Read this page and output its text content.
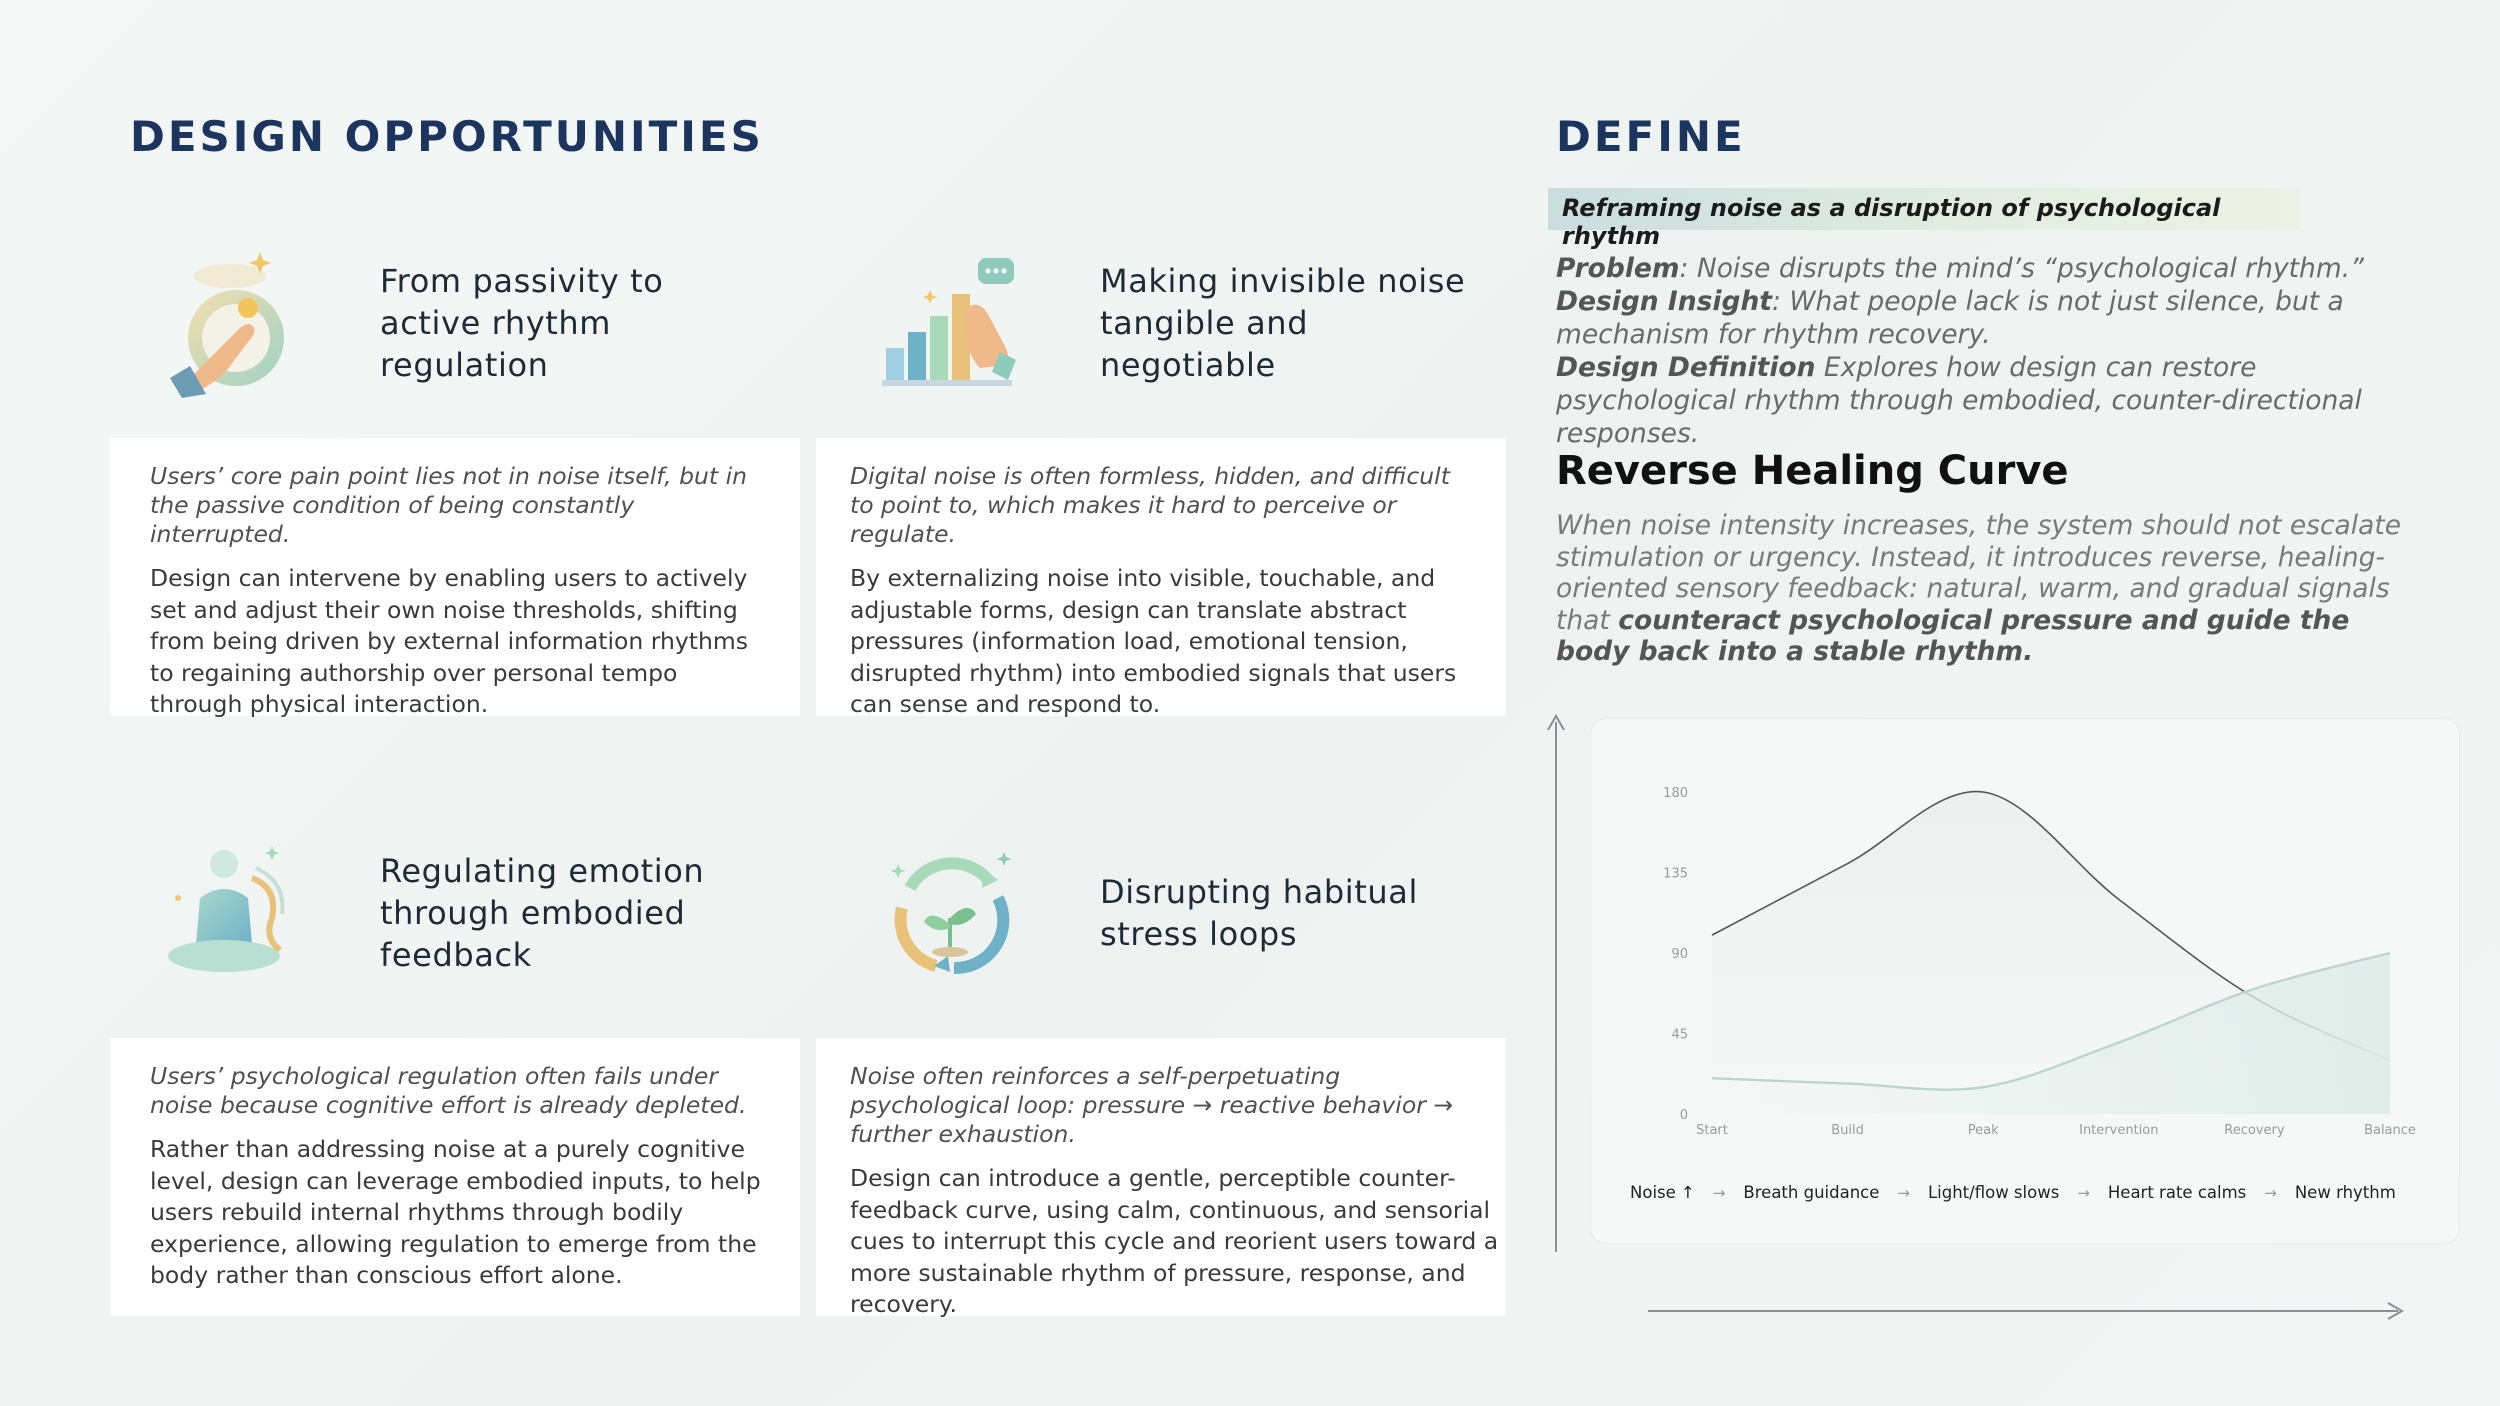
DESIGN OPPORTUNITIES
From passivity to
active rhythm
regulation
Users’ core pain point lies not in noise itself, but in the passive condition of being constantly interrupted.
Design can intervene by enabling users to actively set and adjust their own noise thresholds, shifting from being driven by external information rhythms to regaining authorship over personal tempo through physical interaction.
Making invisible noise
tangible and
negotiable
Digital noise is often formless, hidden, and difficult to point to, which makes it hard to perceive or regulate.
By externalizing noise into visible, touchable, and adjustable forms, design can translate abstract pressures (information load, emotional tension, disrupted rhythm) into embodied signals that users can sense and respond to.
Regulating emotion
through embodied
feedback
Users’ psychological regulation often fails under noise because cognitive effort is already depleted.
Rather than addressing noise at a purely cognitive level, design can leverage embodied inputs, to help users rebuild internal rhythms through bodily experience, allowing regulation to emerge from the body rather than conscious effort alone.
Disrupting habitual
stress loops
Noise often reinforces a self-perpetuating psychological loop: pressure → reactive behavior → further exhaustion.
Design can introduce a gentle, perceptible counter-feedback curve, using calm, continuous, and sensorial cues to interrupt this cycle and reorient users toward a more sustainable rhythm of pressure, response, and recovery.
DEFINE
Reframing noise as a disruption of psychological rhythm
Problem: Noise disrupts the mind’s “psychological rhythm.”
Design Insight: What people lack is not just silence, but a mechanism for rhythm recovery.
Design Definition Explores how design can restore psychological rhythm through embodied, counter-directional responses.
Reverse Healing Curve
When noise intensity increases, the system should not escalate stimulation or urgency. Instead, it introduces reverse, healing-oriented sensory feedback: natural, warm, and gradual signals that counteract psychological pressure and guide the body back into a stable rhythm.
0
45
90
135
180
Start	Build	Peak	Intervention	Recovery	Balance
Noise ↑ → Breath guidance → Light/flow slows → Heart rate calms → New rhythm
